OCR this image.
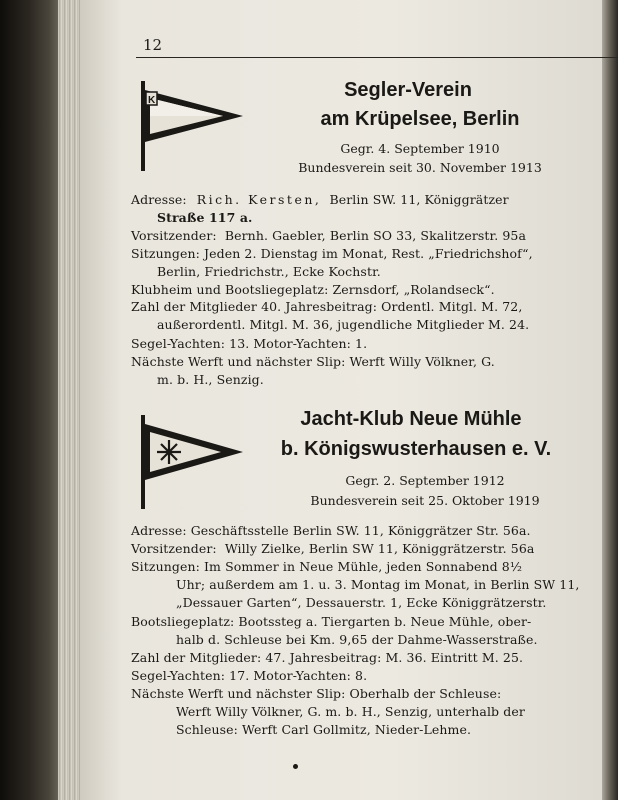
12
K	Segler-Verein
am Krüpelsee, Berlin
Gegr. 4. September 1910
Bundesverein seit 30. November 1913
Adresse: Rich. Kersten, Berlin SW. 11, Königgrätzer
Straße 117 a.
Vorsitzender: Bernh. Gaebler, Berlin SO 33, Skalitzerstr. 95a
Sitzungen: Jeden 2. Dienstag im Monat, Rest. „Friedrichshof“,
Berlin, Friedrichstr., Ecke Kochstr.
Klubheim und Bootsliegeplatz: Zernsdorf, „Rolandseck“.
Zahl der Mitglieder 40. Jahresbeitrag: Ordentl. Mitgl. M. 72,
außerordentl. Mitgl. M. 36, jugendliche Mitglieder M. 24.
Segel-Yachten: 13. Motor-Yachten: 1.
Nächste Werft und nächster Slip: Werft Willy Völkner, G.
m. b. H., Senzig.
Jacht-Klub Neue Mühle
b. Königswusterhausen e. V.
Gegr. 2. September 1912
Bundesverein seit 25. Oktober 1919
Adresse: Geschäftsstelle Berlin SW. 11, Königgrätzer Str. 56a.
Vorsitzender: Willy Zielke, Berlin SW 11, Königgrätzerstr. 56a
Sitzungen: Im Sommer in Neue Mühle, jeden Sonnabend 8½
Uhr; außerdem am 1. u. 3. Montag im Monat, in Berlin SW 11,
„Dessauer Garten“, Dessauerstr. 1, Ecke Königgrätzerstr.
Bootsliegeplatz: Bootssteg a. Tiergarten b. Neue Mühle, ober-
halb d. Schleuse bei Km. 9,65 der Dahme-Wasserstraße.
Zahl der Mitglieder: 47. Jahresbeitrag: M. 36. Eintritt M. 25.
Segel-Yachten: 17. Motor-Yachten: 8.
Nächste Werft und nächster Slip: Oberhalb der Schleuse:
Werft Willy Völkner, G. m. b. H., Senzig, unterhalb der
Schleuse: Werft Carl Gollmitz, Nieder-Lehme.
